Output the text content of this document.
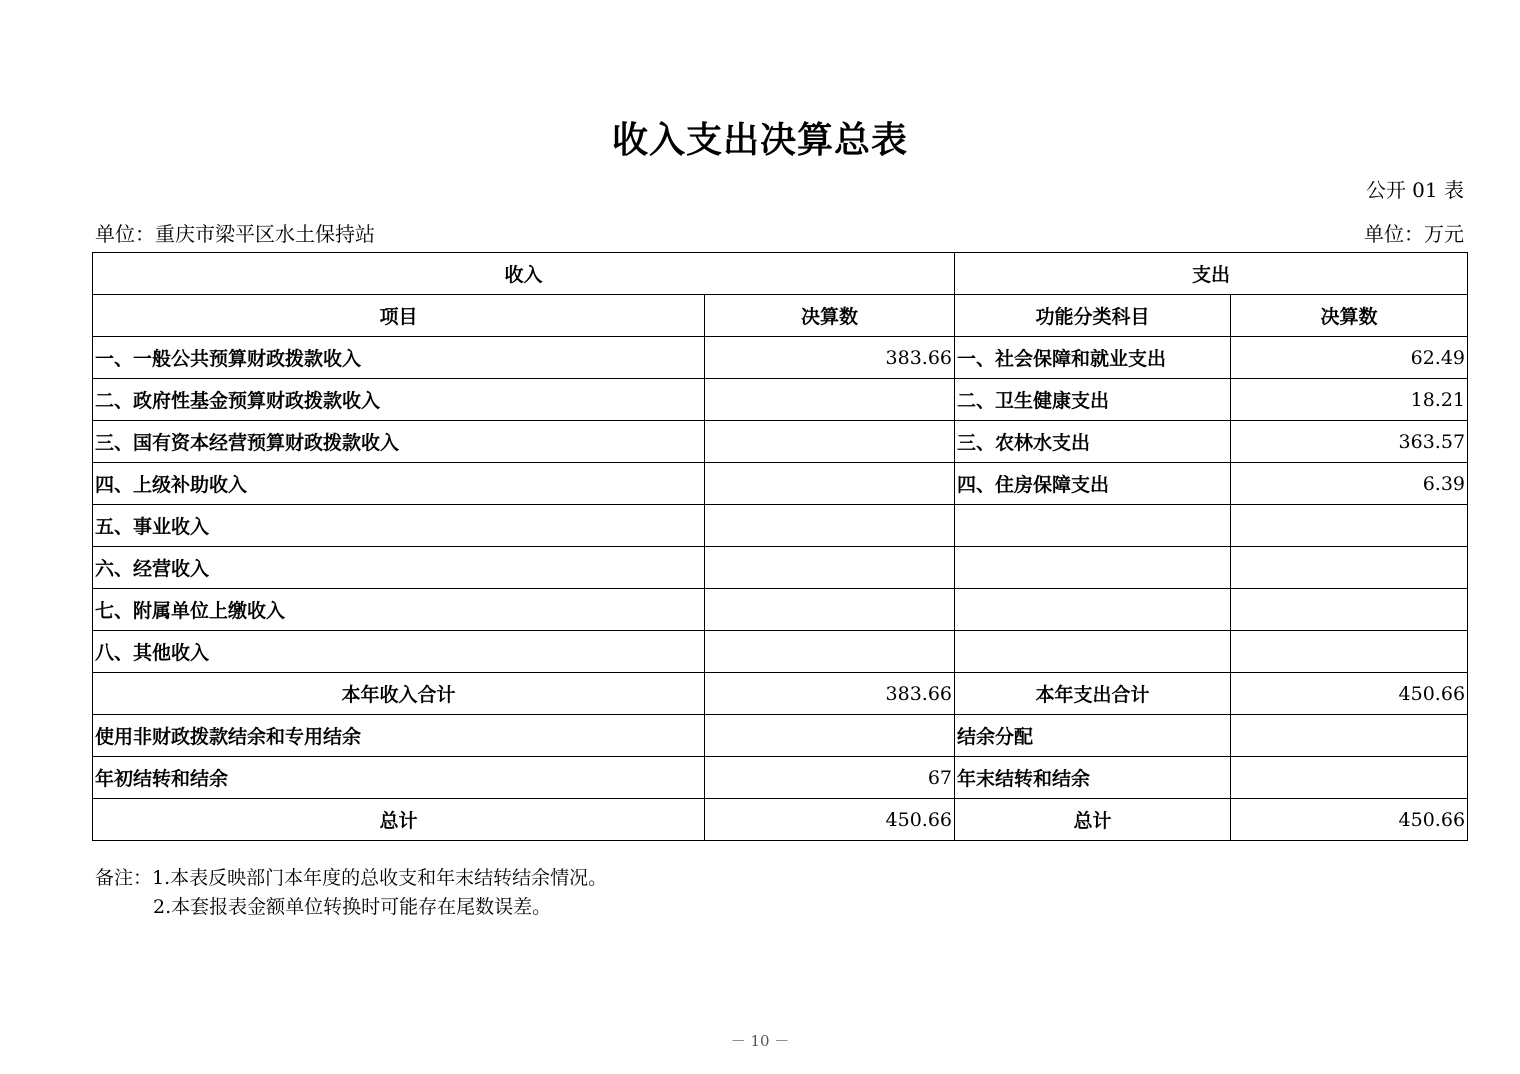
收入支出决算总表
公开 01 表
单位：重庆市梁平区水土保持站	单位：万元
收入		支出	
项目	决算数	功能分类科目	决算数
一、一般公共预算财政拨款收入	383.66	一、社会保障和就业支出	62.49
二、政府性基金预算财政拨款收入		二、卫生健康支出	18.21
三、国有资本经营预算财政拨款收入		三、农林水支出	363.57
四、上级补助收入		四、住房保障支出	6.39
五、事业收入			
六、经营收入			
七、附属单位上缴收入			
八、其他收入			
本年收入合计	383.66	本年支出合计	450.66
使用非财政拨款结余和专用结余		结余分配	
年初结转和结余	67	年末结转和结余	
总计	450.66	总计	450.66
备注：1.本表反映部门本年度的总收支和年末结转结余情况。
2.本套报表金额单位转换时可能存在尾数误差。
－ 10 －
